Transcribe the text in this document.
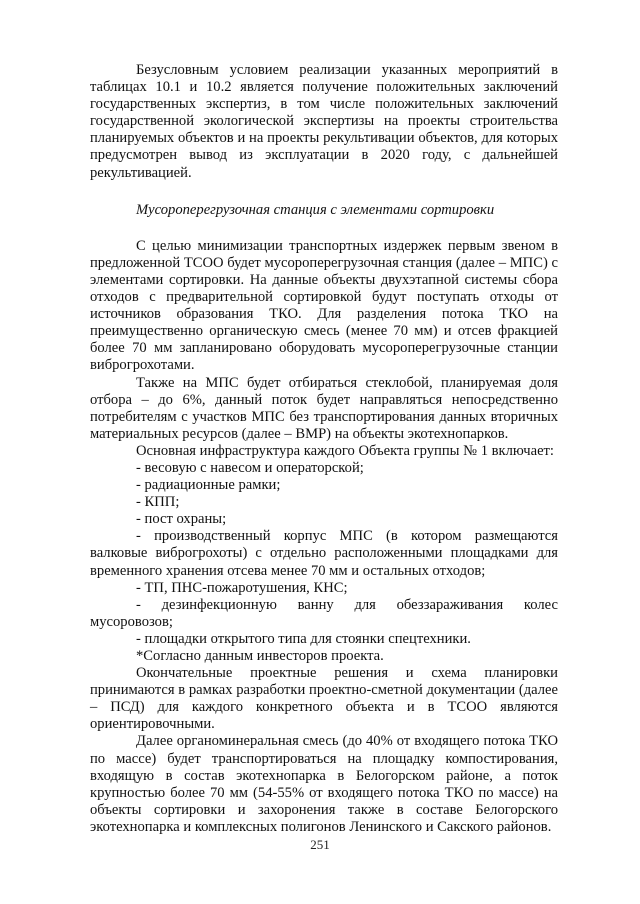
Безусловным условием реализации указанных мероприятий в таблицах 10.1 и 10.2 является получение положительных заключений государственных экспертиз, в том числе положительных заключений государственной экологической экспертизы на проекты строительства планируемых объектов и на проекты рекультивации объектов, для которых предусмотрен вывод из эксплуатации в 2020 году, с дальнейшей рекультивацией.

Мусороперегрузочная станция с элементами сортировки

С целью минимизации транспортных издержек первым звеном в предложенной ТСОО будет мусороперегрузочная станция (далее – МПС) с элементами сортировки. На данные объекты двухэтапной системы сбора отходов с предварительной сортировкой будут поступать отходы от источников образования ТКО. Для разделения потока ТКО на преимущественно органическую смесь (менее 70 мм) и отсев фракцией более 70 мм запланировано оборудовать мусороперегрузочные станции виброгрохотами.

Также на МПС будет отбираться стеклобой, планируемая доля отбора – до 6%, данный поток будет направляться непосредственно потребителям с участков МПС без транспортирования данных вторичных материальных ресурсов (далее – ВМР) на объекты экотехнопарков.

Основная инфраструктура каждого Объекта группы № 1 включает:

- весовую с навесом и операторской;

- радиационные рамки;

- КПП;

- пост охраны;

- производственный корпус МПС (в котором размещаются валковые виброгрохоты) с отдельно расположенными площадками для временного хранения отсева менее 70 мм и остальных отходов;

- ТП, ПНС-пожаротушения, КНС;

- дезинфекционную ванну для обеззараживания колес мусоровозов;

- площадки открытого типа для стоянки спецтехники.

*Согласно данным инвесторов проекта.

Окончательные проектные решения и схема планировки принимаются в рамках разработки проектно-сметной документации (далее – ПСД) для каждого конкретного объекта и в ТСОО являются ориентировочными.

Далее органоминеральная смесь (до 40% от входящего потока ТКО по массе) будет транспортироваться на площадку компостирования, входящую в состав экотехнопарка в Белогорском районе, а поток крупностью более 70 мм (54-55% от входящего потока ТКО по массе) на объекты сортировки и захоронения также в составе Белогорского экотехнопарка и комплексных полигонов Ленинского и Сакского районов.

251
